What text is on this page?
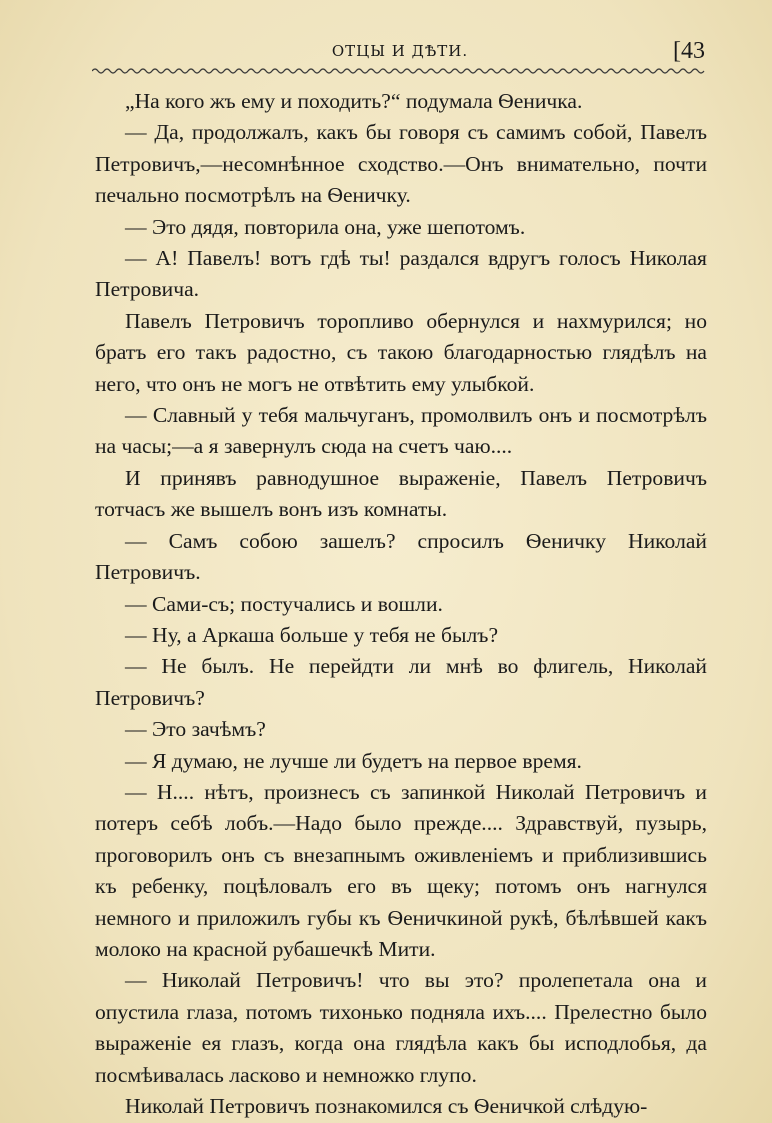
ОТЦЫ И ДѢТИ.	[43

„На кого жъ ему и походить?“ подумала Ѳеничка.

— Да, продолжалъ, какъ бы говоря съ самимъ собой, Павелъ Петровичъ,—несомнѣнное сходство.—Онъ внимательно, почти печально посмотрѣлъ на Ѳеничку.

— Это дядя, повторила она, уже шепотомъ.

— А! Павелъ! вотъ гдѣ ты! раздался вдругъ голосъ Николая Петровича.

Павелъ Петровичъ торопливо обернулся и нахмурился; но братъ его такъ радостно, съ такою благодарностью глядѣлъ на него, что онъ не могъ не отвѣтить ему улыбкой.

— Славный у тебя мальчуганъ, промолвилъ онъ и посмотрѣлъ на часы;—а я завернулъ сюда на счетъ чаю....

И принявъ равнодушное выраженіе, Павелъ Петровичъ тотчасъ же вышелъ вонъ изъ комнаты.

— Самъ собою зашелъ? спросилъ Ѳеничку Николай Петровичъ.

— Сами-съ; постучались и вошли.

— Ну, а Аркаша больше у тебя не былъ?

— Не былъ. Не перейдти ли мнѣ во флигель, Николай Петровичъ?

— Это зачѣмъ?

— Я думаю, не лучше ли будетъ на первое время.

— Н.... нѣтъ, произнесъ съ запинкой Николай Петровичъ и потеръ себѣ лобъ.—Надо было прежде.... Здравствуй, пузырь, проговорилъ онъ съ внезапнымъ оживленіемъ и приблизившись къ ребенку, поцѣловалъ его въ щеку; потомъ онъ нагнулся немного и приложилъ губы къ Ѳеничкиной рукѣ, бѣлѣвшей какъ молоко на красной рубашечкѣ Мити.

— Николай Петровичъ! что вы это? пролепетала она и опустила глаза, потомъ тихонько подняла ихъ.... Прелестно было выраженіе ея глазъ, когда она глядѣла какъ бы исподлобья, да посмѣивалась ласково и немножко глупо.

Николай Петровичъ познакомился съ Ѳеничкой слѣдую-
